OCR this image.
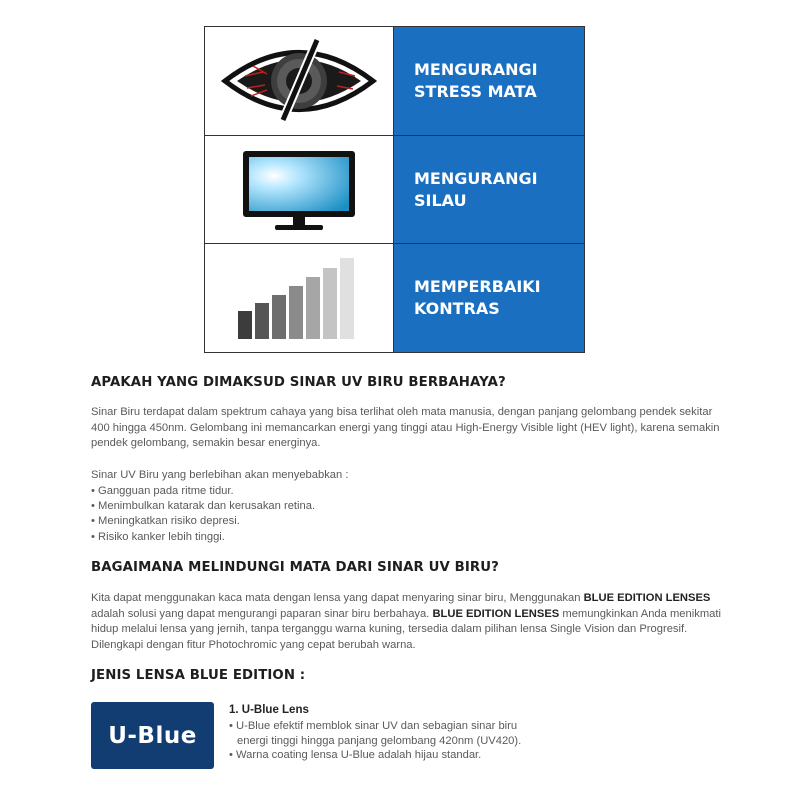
MENGURANGI
STRESS MATA
MENGURANGI
SILAU
MEMPERBAIKI
KONTRAS
APAKAH YANG DIMAKSUD SINAR UV BIRU BERBAHAYA?

Sinar Biru terdapat dalam spektrum cahaya yang bisa terlihat oleh mata manusia, dengan panjang gelombang pendek sekitar 400 hingga 450nm. Gelombang ini memancarkan energi yang tinggi atau High-Energy Visible light (HEV light), karena semakin pendek gelombang, semakin besar energinya.

Sinar UV Biru yang berlebihan akan menyebabkan :

• Gangguan pada ritme tidur.
• Menimbulkan katarak dan kerusakan retina.
• Meningkatkan risiko depresi.
• Risiko kanker lebih tinggi.
BAGAIMANA MELINDUNGI MATA DARI SINAR UV BIRU?

Kita dapat menggunakan kaca mata dengan lensa yang dapat menyaring sinar biru, Menggunakan BLUE EDITION LENSES adalah solusi yang dapat mengurangi paparan sinar biru berbahaya. BLUE EDITION LENSES memungkinkan Anda menikmati hidup melalui lensa yang jernih, tanpa terganggu warna kuning, tersedia dalam pilihan lensa Single Vision dan Progresif. Dilengkapi dengan fitur Photochromic yang cepat berubah warna.

JENIS LENSA BLUE EDITION :
U-Blue
1. U-Blue Lens
• U-Blue efektif memblok sinar UV dan sebagian sinar biru
energi tinggi hingga panjang gelombang 420nm (UV420).
• Warna coating lensa U-Blue adalah hijau standar.
